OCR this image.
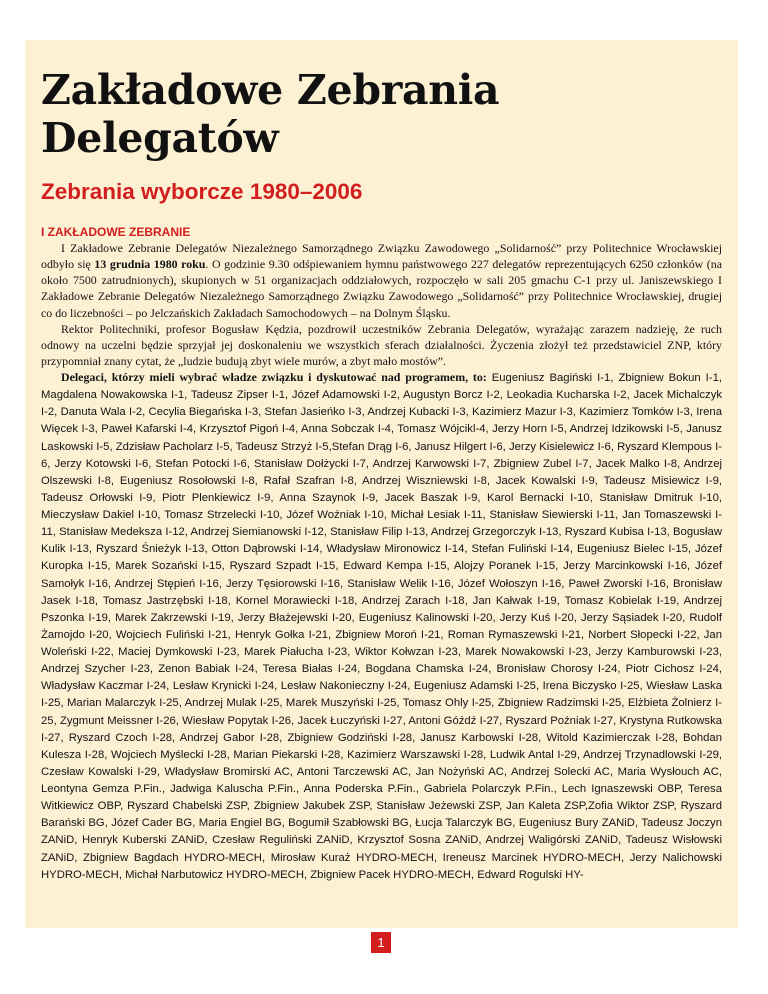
Zakładowe Zebrania Delegatów
Zebrania wyborcze 1980–2006
I ZAKŁADOWE ZEBRANIE

I Zakładowe Zebranie Delegatów Niezależnego Samorządnego Związku Zawodowego „Solidarność” przy Politechnice Wrocławskiej odbyło się 13 grudnia 1980 roku. O godzinie 9.30 odśpiewaniem hymnu państwowego 227 delegatów reprezentujących 6250 członków (na około 7500 zatrudnionych), skupionych w 51 organizacjach oddziałowych, rozpoczęło w sali 205 gmachu C-1 przy ul. Janiszewskiego I Zakładowe Zebranie Delegatów Niezależnego Samorządnego Związku Zawodowego „Solidarność” przy Politechnice Wrocławskiej, drugiej co do liczebności – po Jelczańskich Zakładach Samochodowych – na Dolnym Śląsku.

Rektor Politechniki, profesor Bogusław Kędzia, pozdrowił uczestników Zebrania Delegatów, wyrażając zarazem nadzieję, że ruch odnowy na uczelni będzie sprzyjał jej doskonaleniu we wszystkich sferach działalności. Życzenia złożył też przedstawiciel ZNP, który przypomniał znany cytat, że „ludzie budują zbyt wiele murów, a zbyt mało mostów”.

Delegaci, którzy mieli wybrać władze związku i dyskutować nad programem, to: Eugeniusz Bagiński I-1, Zbigniew Bokun I-1, Magdalena Nowakowska I-1, Tadeusz Zipser I-1, Józef Adamowski I-2, Augustyn Borcz I-2, Leokadia Kucharska I-2, Jacek Michalczyk I-2, Danuta Wala I-2, Cecylia Biegańska I-3, Stefan Jasieńko I-3, Andrzej Kubacki I-3, Kazimierz Mazur I-3, Kazimierz Tomków I-3, Irena Więcek I-3, Paweł Kafarski I-4, Krzysztof Pigoń I-4, Anna Sobczak I-4, Tomasz Wójcikl-4, Jerzy Horn I-5, Andrzej Idzikowski I-5, Janusz Laskowski I-5, Zdzisław Pacholarz I-5, Tadeusz Strzyż I-5,Stefan Drąg I-6, Janusz Hilgert I-6, Jerzy Kisielewicz I-6, Ryszard Klempous I-6, Jerzy Kotowski I-6, Stefan Potocki I-6, Stanisław Dołżycki I-7, Andrzej Karwowski I-7, Zbigniew Zubel I-7, Jacek Malko I-8, Andrzej Olszewski I-8, Eugeniusz Rosołowski I-8, Rafał Szafran I-8, Andrzej Wiszniewski I-8, Jacek Kowalski I-9, Tadeusz Misiewicz I-9, Tadeusz Orłowski I-9, Piotr Plenkiewicz I-9, Anna Szaynok I-9, Jacek Baszak I-9, Karol Bernacki I-10, Stanisław Dmitruk I-10, Mieczysław Dakiel I-10, Tomasz Strzelecki I-10, Józef Woźniak I-10, Michał Lesiak I-11, Stanisław Siewierski I-11, Jan Tomaszewski I-11, Stanisław Medeksza I-12, Andrzej Siemianowski I-12, Stanisław Filip I-13, Andrzej Grzegorczyk I-13, Ryszard Kubisa I-13, Bogusław Kulik I-13, Ryszard Śnieżyk I-13, Otton Dąbrowski I-14, Władysław Mironowicz I-14, Stefan Fuliński I-14, Eugeniusz Bielec I-15, Józef Kuropka I-15, Marek Sozański I-15, Ryszard Szpadt I-15, Edward Kempa I-15, Alojzy Poranek I-15, Jerzy Marcinkowski I-16, Józef Samołyk I-16, Andrzej Stępień I-16, Jerzy Tęsiorowski I-16, Stanisław Welik I-16, Józef Wołoszyn I-16, Paweł Zworski I-16, Bronisław Jasek I-18, Tomasz Jastrzębski I-18, Kornel Morawiecki I-18, Andrzej Zarach I-18, Jan Kałwak I-19, Tomasz Kobielak I-19, Andrzej Pszonka I-19, Marek Zakrzewski I-19, Jerzy Błażejewski I-20, Eugeniusz Kalinowski I-20, Jerzy Kuś I-20, Jerzy Sąsiadek I-20, Rudolf Żamojdo I-20, Wojciech Fuliński I-21, Henryk Gołka I-21, Zbigniew Moroń I-21, Roman Rymaszewski I-21, Norbert Słopecki I-22, Jan Woleński I-22, Maciej Dymkowski I-23, Marek Piałucha I-23, Wiktor Kołwzan I-23, Marek Nowakowski I-23, Jerzy Kamburowski I-23, Andrzej Szycher I-23, Zenon Babiak I-24, Teresa Białas I-24, Bogdana Chamska I-24, Bronisław Chorosy I-24, Piotr Cichosz I-24, Władysław Kaczmar I-24, Lesław Krynicki I-24, Lesław Nakonieczny I-24, Eugeniusz Adamski I-25, Irena Biczysko I-25, Wiesław Laska I-25, Marian Malarczyk I-25, Andrzej Mulak I-25, Marek Muszyński I-25, Tomasz Ohly I-25, Zbigniew Radzimski I-25, Elżbieta Żolnierz I-25, Zygmunt Meissner I-26, Wiesław Popytak I-26, Jacek Łuczyński I-27, Antoni Góźdź I-27, Ryszard Poźniak I-27, Krystyna Rutkowska I-27, Ryszard Czoch I-28, Andrzej Gabor I-28, Zbigniew Godziński I-28, Janusz Karbowski I-28, Witold Kazimierczak I-28, Bohdan Kulesza I-28, Wojciech Myślecki I-28, Marian Piekarski I-28, Kazimierz Warszawski I-28, Ludwik Antal I-29, Andrzej Trzynadlowski I-29, Czesław Kowalski I-29, Władysław Bromirski AC, Antoni Tarczewski AC, Jan Nożyński AC, Andrzej Solecki AC, Maria Wysłouch AC, Leontyna Gemza P.Fin., Jadwiga Kaluscha P.Fin., Anna Poderska P.Fin., Gabriela Polarczyk P.Fin., Lech Ignaszewski OBP, Teresa Witkiewicz OBP, Ryszard Chabelski ZSP, Zbigniew Jakubek ZSP, Stanisław Jeżewski ZSP, Jan Kaleta ZSP,Zofia Wiktor ZSP, Ryszard Barański BG, Józef Cader BG, Maria Engiel BG, Bogumił Szabłowski BG, Łucja Talarczyk BG, Eugeniusz Bury ZANiD, Tadeusz Joczyn ZANiD, Henryk Kuberski ZANiD, Czesław Reguliński ZANiD, Krzysztof Sosna ZANiD, Andrzej Waligórski ZANiD, Tadeusz Wisłowski ZANiD, Zbigniew Bagdach HYDRO-MECH, Mirosław Kuraż HYDRO-MECH, Ireneusz Marcinek HYDRO-MECH, Jerzy Nalichowski HYDRO-MECH, Michał Narbutowicz HYDRO-MECH, Zbigniew Pacek HYDRO-MECH, Edward Rogulski HY-

1
